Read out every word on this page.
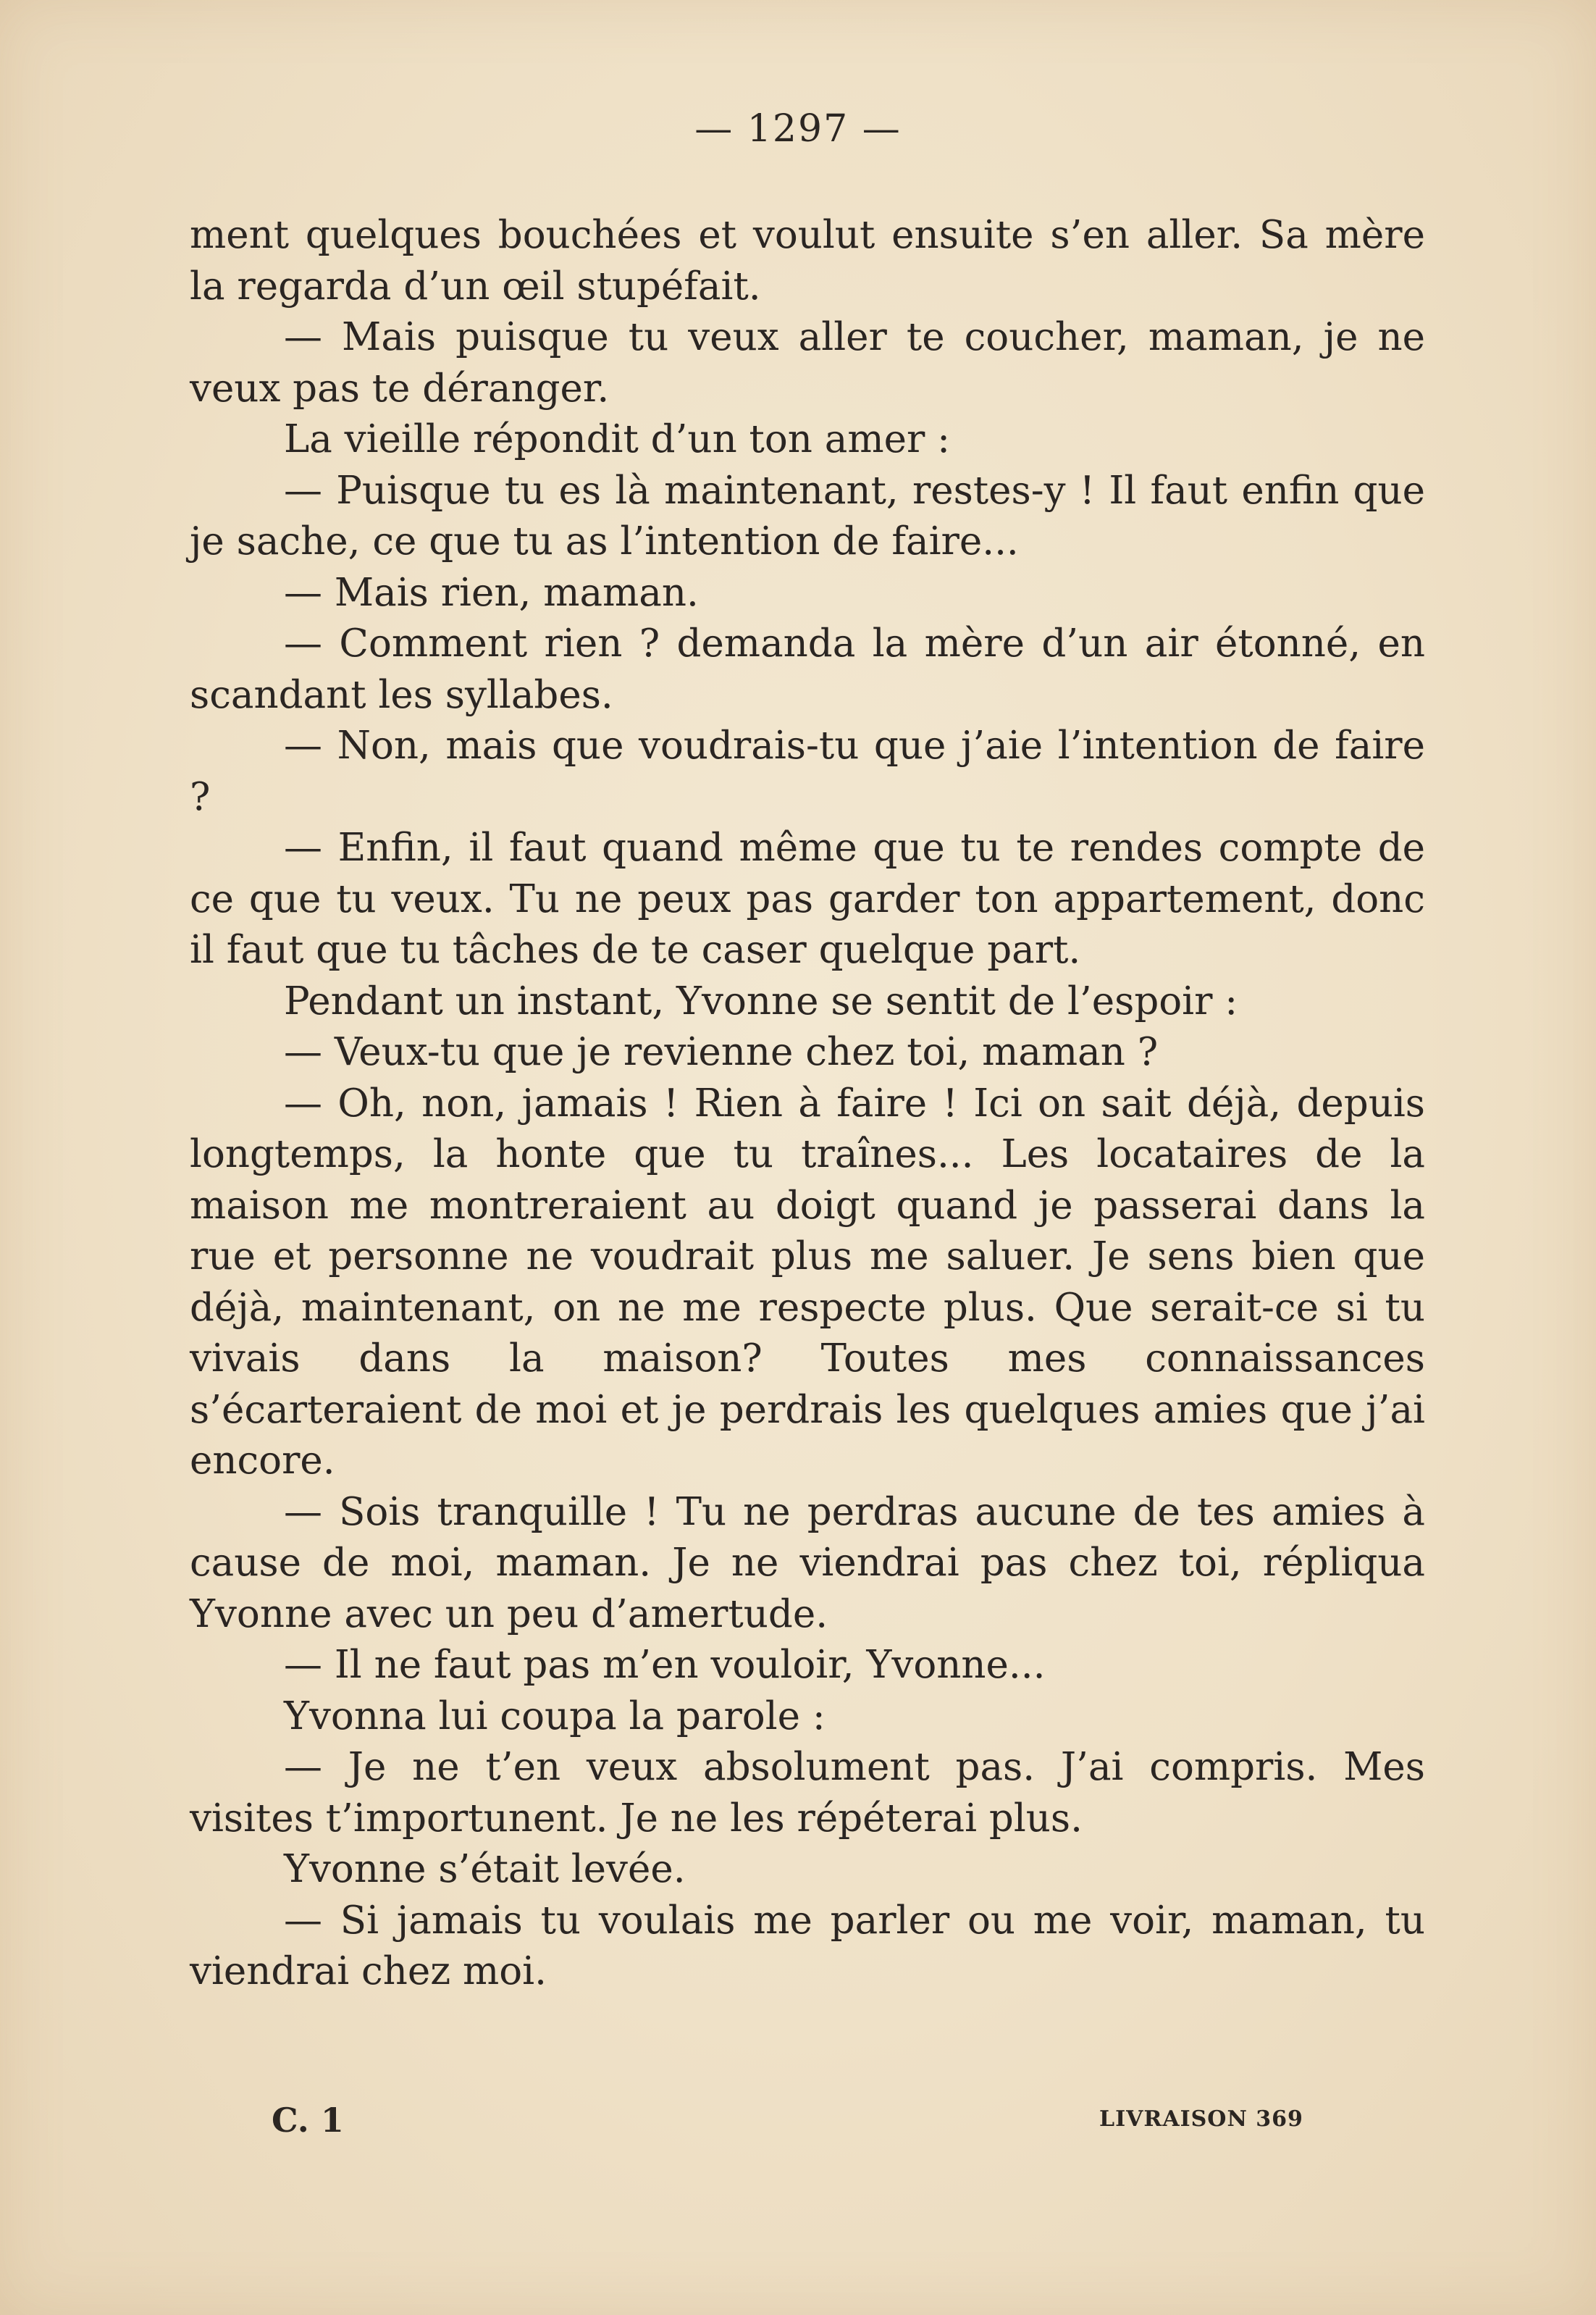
— 1297 —

ment quelques bouchées et voulut ensuite s’en aller. Sa mère la regarda d’un œil stupéfait.

— Mais puisque tu veux aller te coucher, maman, je ne veux pas te déranger.

La vieille répondit d’un ton amer :

— Puisque tu es là maintenant, restes-y ! Il faut enfin que je sache, ce que tu as l’intention de faire...

— Mais rien, maman.

— Comment rien ? demanda la mère d’un air étonné, en scandant les syllabes.

— Non, mais que voudrais-tu que j’aie l’intention de faire ?

— Enfin, il faut quand même que tu te rendes compte de ce que tu veux. Tu ne peux pas garder ton appartement, donc il faut que tu tâches de te caser quelque part.

Pendant un instant, Yvonne se sentit de l’espoir :

— Veux-tu que je revienne chez toi, maman ?

— Oh, non, jamais ! Rien à faire ! Ici on sait déjà, depuis longtemps, la honte que tu traînes... Les locataires de la maison me montreraient au doigt quand je passerai dans la rue et personne ne voudrait plus me saluer. Je sens bien que déjà, maintenant, on ne me respecte plus. Que serait-ce si tu vivais dans la maison? Toutes mes connaissances s’écarteraient de moi et je perdrais les quelques amies que j’ai encore.

— Sois tranquille ! Tu ne perdras aucune de tes amies à cause de moi, maman. Je ne viendrai pas chez toi, répliqua Yvonne avec un peu d’amertude.

— Il ne faut pas m’en vouloir, Yvonne...

Yvonna lui coupa la parole :

— Je ne t’en veux absolument pas. J’ai compris. Mes visites t’importunent. Je ne les répéterai plus.

Yvonne s’était levée.

— Si jamais tu voulais me parler ou me voir, maman, tu viendrai chez moi.

C. 1	LIVRAISON 369
